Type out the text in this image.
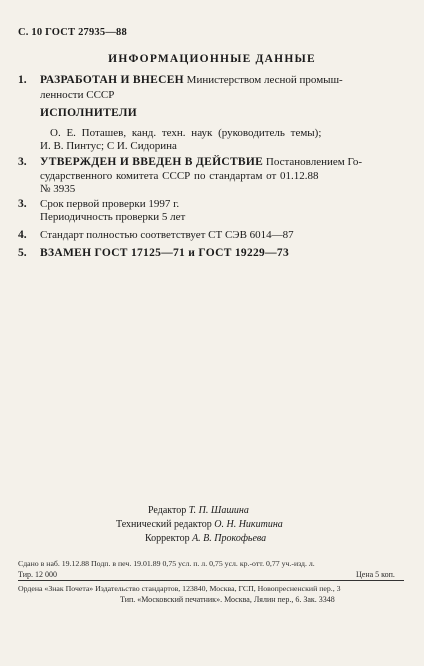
С. 10 ГОСТ 27935—88
ИНФОРМАЦИОННЫЕ ДАННЫЕ
1. РАЗРАБОТАН И ВНЕСЕН Министерством лесной промыш-
ленности СССР
ИСПОЛНИТЕЛИ
О. Е. Поташев, канд. техн. наук (руководитель темы);
И. В. Пинтус; С И. Сидорина
3. УТВЕРЖДЕН И ВВЕДЕН В ДЕЙСТВИЕ Постановлением Го-
сударственного комитета СССР по стандартам от 01.12.88
№ 3935
3. Срок первой проверки 1997 г.
Периодичность проверки 5 лет
4. Стандарт полностью соответствует СТ СЭВ 6014—87
5. ВЗАМЕН ГОСТ 17125—71 и ГОСТ 19229—73
Редактор Т. П. Шашина
Технический редактор О. Н. Никитина
Корректор А. В. Прокофьева
Сдано в наб. 19.12.88 Подп. в печ. 19.01.89 0,75 усл. п. л. 0,75 усл. кр.-отт. 0,77 уч.-изд. л.
Тир. 12 000	Цена 5 коп.
Ордена «Знак Почета» Издательство стандартов, 123840, Москва, ГСП, Новопресненский пер., 3
Тип. «Московский печатник». Москва, Лялин пер., 6. Зак. 3348
